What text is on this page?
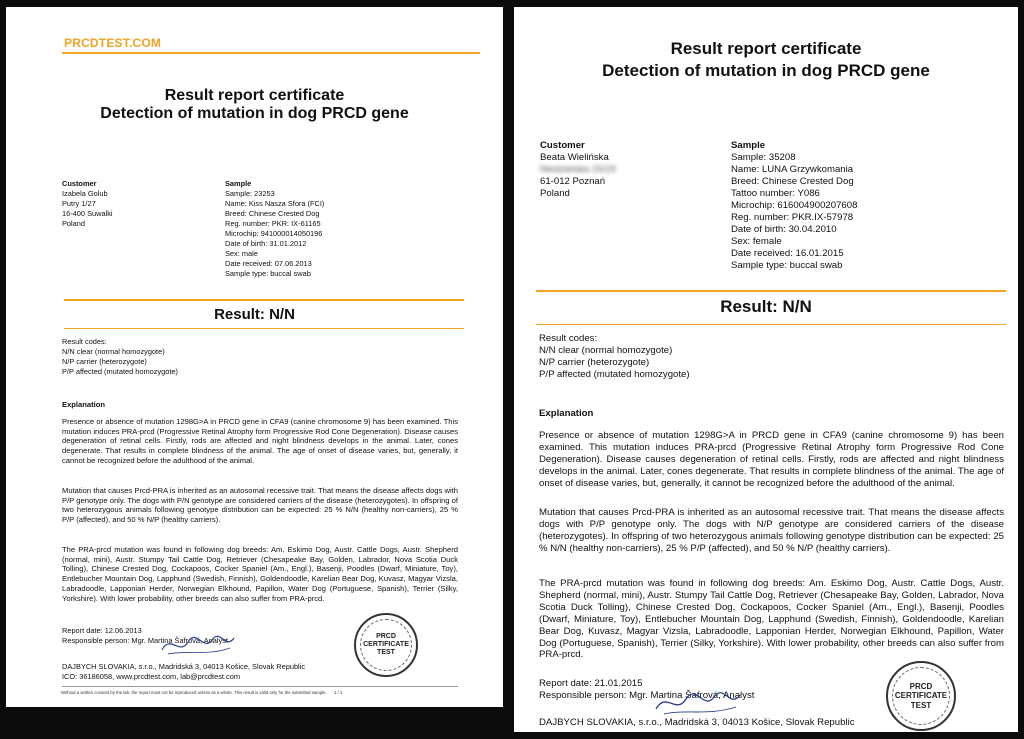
PRCDTEST.COM
Result report certificate
Detection of mutation in dog PRCD gene
Customer
Izabela Golub
Putry 1/27
16-400 Suwalki
Poland
Sample
Sample: 23253
Name: Kiss Nasza Sfora (FCI)
Breed: Chinese Crested Dog
Reg. number: PKR: IX-61165
Microchip: 941000014050196
Date of birth: 31.01.2012
Sex: male
Date received: 07.06.2013
Sample type: buccal swab
Result: N/N
Result codes:
N/N clear (normal homozygote)
N/P carrier (heterozygote)
P/P affected (mutated homozygote)
Explanation
Presence or absence of mutation 1298G>A in PRCD gene in CFA9 (canine chromosome 9) has been examined. This mutation induces PRA-prcd (Progressive Retinal Atrophy form Progressive Rod Cone Degeneration). Disease causes degeneration of retinal cells. Firstly, rods are affected and night blindness develops in the animal. Later, cones degenerate. That results in complete blindness of the animal. The age of onset of disease varies, but, generally, it cannot be recognized before the adulthood of the animal.
Mutation that causes Prcd-PRA is inherited as an autosomal recessive trait. That means the disease affects dogs with P/P genotype only. The dogs with P/N genotype are considered carriers of the disease (heterozygotes). In offspring of two heterozygous animals following genotype distribution can be expected: 25 % N/N (healthy non-carriers), 25 % P/P (affected), and 50 % N/P (healthy carriers).
The PRA-prcd mutation was found in following dog breeds: Am. Eskimo Dog, Austr. Cattle Dogs, Austr. Shepherd (normal, mini), Austr. Stumpy Tail Cattle Dog, Retriever (Chesapeake Bay, Golden, Labrador, Nova Scotia Duck Tolling), Chinese Crested Dog, Cockapoos, Cocker Spaniel (Am., Engl.), Basenji, Poodles (Dwarf, Miniature, Toy), Entlebucher Mountain Dog, Lapphund (Swedish, Finnish), Goldendoodle, Karelian Bear Dog, Kuvasz, Magyar Vizsla, Labradoodle, Lapponian Herder, Norwegian Elkhound, Papillon, Water Dog (Portuguese, Spanish), Terrier (Silky, Yorkshire). With lower probability, other breeds can also suffer from PRA-prcd.
Report date: 12.06.2013
Responsible person: Mgr. Martina Šafrová, Analyst	PRCD
CERTIFICATE
TEST
DAJBYCH SLOVAKIA, s.r.o., Madridská 3, 04013 Košice, Slovak Republic
ICO: 36186058, www.prcdtest.com, lab@prcdtest.com
Without a written consent by the lab, the report must not be reproduced unless as a whole. This result is valid only for the submitted sample. 1 / 1
Result report certificate
Detection of mutation in dog PRCD gene
Customer
Beata Wielińska
Niedzielska 15/19
61-012 Poznań
Poland
Sample
Sample: 35208
Name: LUNA Grzywkomania
Breed: Chinese Crested Dog
Tattoo number: Y086
Microchip: 616004900207608
Reg. number: PKR.IX-57978
Date of birth: 30.04.2010
Sex: female
Date received: 16.01.2015
Sample type: buccal swab
Result: N/N
Result codes:
N/N clear (normal homozygote)
N/P carrier (heterozygote)
P/P affected (mutated homozygote)
Explanation
Presence or absence of mutation 1298G>A in PRCD gene in CFA9 (canine chromosome 9) has been examined. This mutation induces PRA-prcd (Progressive Retinal Atrophy form Progressive Rod Cone Degeneration). Disease causes degeneration of retinal cells. Firstly, rods are affected and night blindness develops in the animal. Later, cones degenerate. That results in complete blindness of the animal. The age of onset of disease varies, but, generally, it cannot be recognized before the adulthood of the animal.
Mutation that causes Prcd-PRA is inherited as an autosomal recessive trait. That means the disease affects dogs with P/P genotype only. The dogs with N/P genotype are considered carriers of the disease (heterozygotes). In offspring of two heterozygous animals following genotype distribution can be expected: 25 % N/N (healthy non-carriers), 25 % P/P (affected), and 50 % N/P (healthy carriers).
The PRA-prcd mutation was found in following dog breeds: Am. Eskimo Dog, Austr. Cattle Dogs, Austr. Shepherd (normal, mini), Austr. Stumpy Tail Cattle Dog, Retriever (Chesapeake Bay, Golden, Labrador, Nova Scotia Duck Tolling), Chinese Crested Dog, Cockapoos, Cocker Spaniel (Am., Engl.), Basenji, Poodles (Dwarf, Miniature, Toy), Entlebucher Mountain Dog, Lapphund (Swedish, Finnish), Goldendoodle, Karelian Bear Dog, Kuvasz, Magyar Vizsla, Labradoodle, Lapponian Herder, Norwegian Elkhound, Papillon, Water Dog (Portuguese, Spanish), Terrier (Silky, Yorkshire). With lower probability, other breeds can also suffer from PRA-prcd.
Report date: 21.01.2015
Responsible person: Mgr. Martina Šafrová, Analyst
PRCD
CERTIFICATE
TEST
DAJBYCH SLOVAKIA, s.r.o., Madridská 3, 04013 Košice, Slovak Republic
